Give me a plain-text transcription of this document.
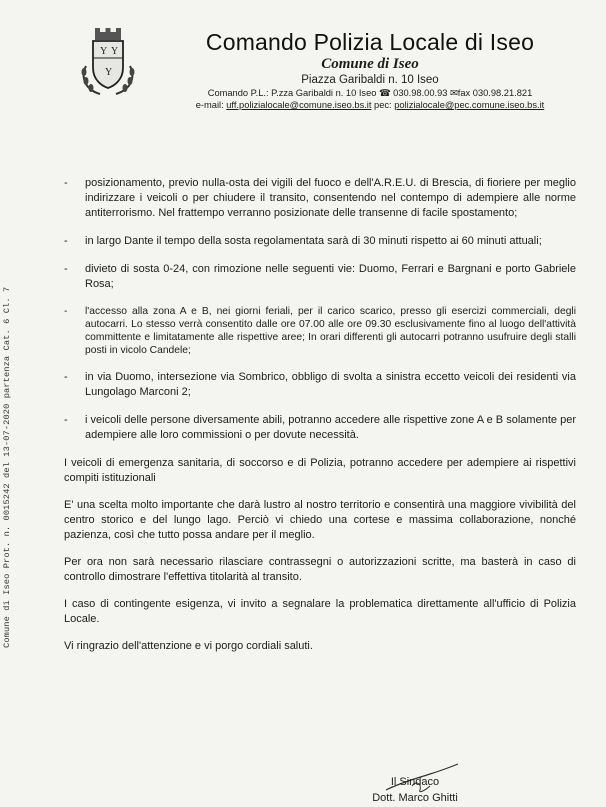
Y Y
Y
Comando Polizia Locale di Iseo
Comune di Iseo
Piazza Garibaldi n. 10 Iseo
Comando P.L.: P.zza Garibaldi n. 10 Iseo ☎ 030.98.00.93 ✉fax 030.98.21.821
e-mail: uff.polizialocale@comune.iseo.bs.it pec: polizialocale@pec.comune.iseo.bs.it
Comune di Iseo Prot. n. 0015242 del 13-07-2020 partenza Cat. 6 Cl. 7
- posizionamento, previo nulla-osta dei vigili del fuoco e dell'A.R.E.U. di Brescia, di fioriere per meglio indirizzare i veicoli o per chiudere il transito, consentendo nel contempo di adempiere alle norme antiterrorismo. Nel frattempo verranno posizionate delle transenne di facile spostamento;
- in largo Dante il tempo della sosta regolamentata sarà di 30 minuti rispetto ai 60 minuti attuali;
- divieto di sosta 0-24, con rimozione nelle seguenti vie: Duomo, Ferrari e Bargnani e porto Gabriele Rosa;
- l'accesso alla zona A e B, nei giorni feriali, per il carico scarico, presso gli esercizi commerciali, degli autocarri. Lo stesso verrà consentito dalle ore 07.00 alle ore 09.30 esclusivamente fino al luogo dell'attività committente e limitatamente alle rispettive aree; In orari differenti gli autocarri potranno usufruire degli stalli posti in vicolo Candele;
- in via Duomo, intersezione via Sombrico, obbligo di svolta a sinistra eccetto veicoli dei residenti via Lungolago Marconi 2;
- i veicoli delle persone diversamente abili, potranno accedere alle rispettive zone A e B solamente per adempiere alle loro commissioni o per dovute necessità.

I veicoli di emergenza sanitaria, di soccorso e di Polizia, potranno accedere per adempiere ai rispettivi compiti istituzionali

E' una scelta molto importante che darà lustro al nostro territorio e consentirà una maggiore vivibilità del centro storico e del lungo lago. Perciò vi chiedo una cortese e massima collaborazione, nonché pazienza, così che tutto possa andare per il meglio.

Per ora non sarà necessario rilasciare contrassegni o autorizzazioni scritte, ma basterà in caso di controllo dimostrare l'effettiva titolarità al transito.

I caso di contingente esigenza, vi invito a segnalare la problematica direttamente all'ufficio di Polizia Locale.

Vi ringrazio dell'attenzione e vi porgo cordiali saluti.

Il Sindaco
Dott. Marco Ghitti
